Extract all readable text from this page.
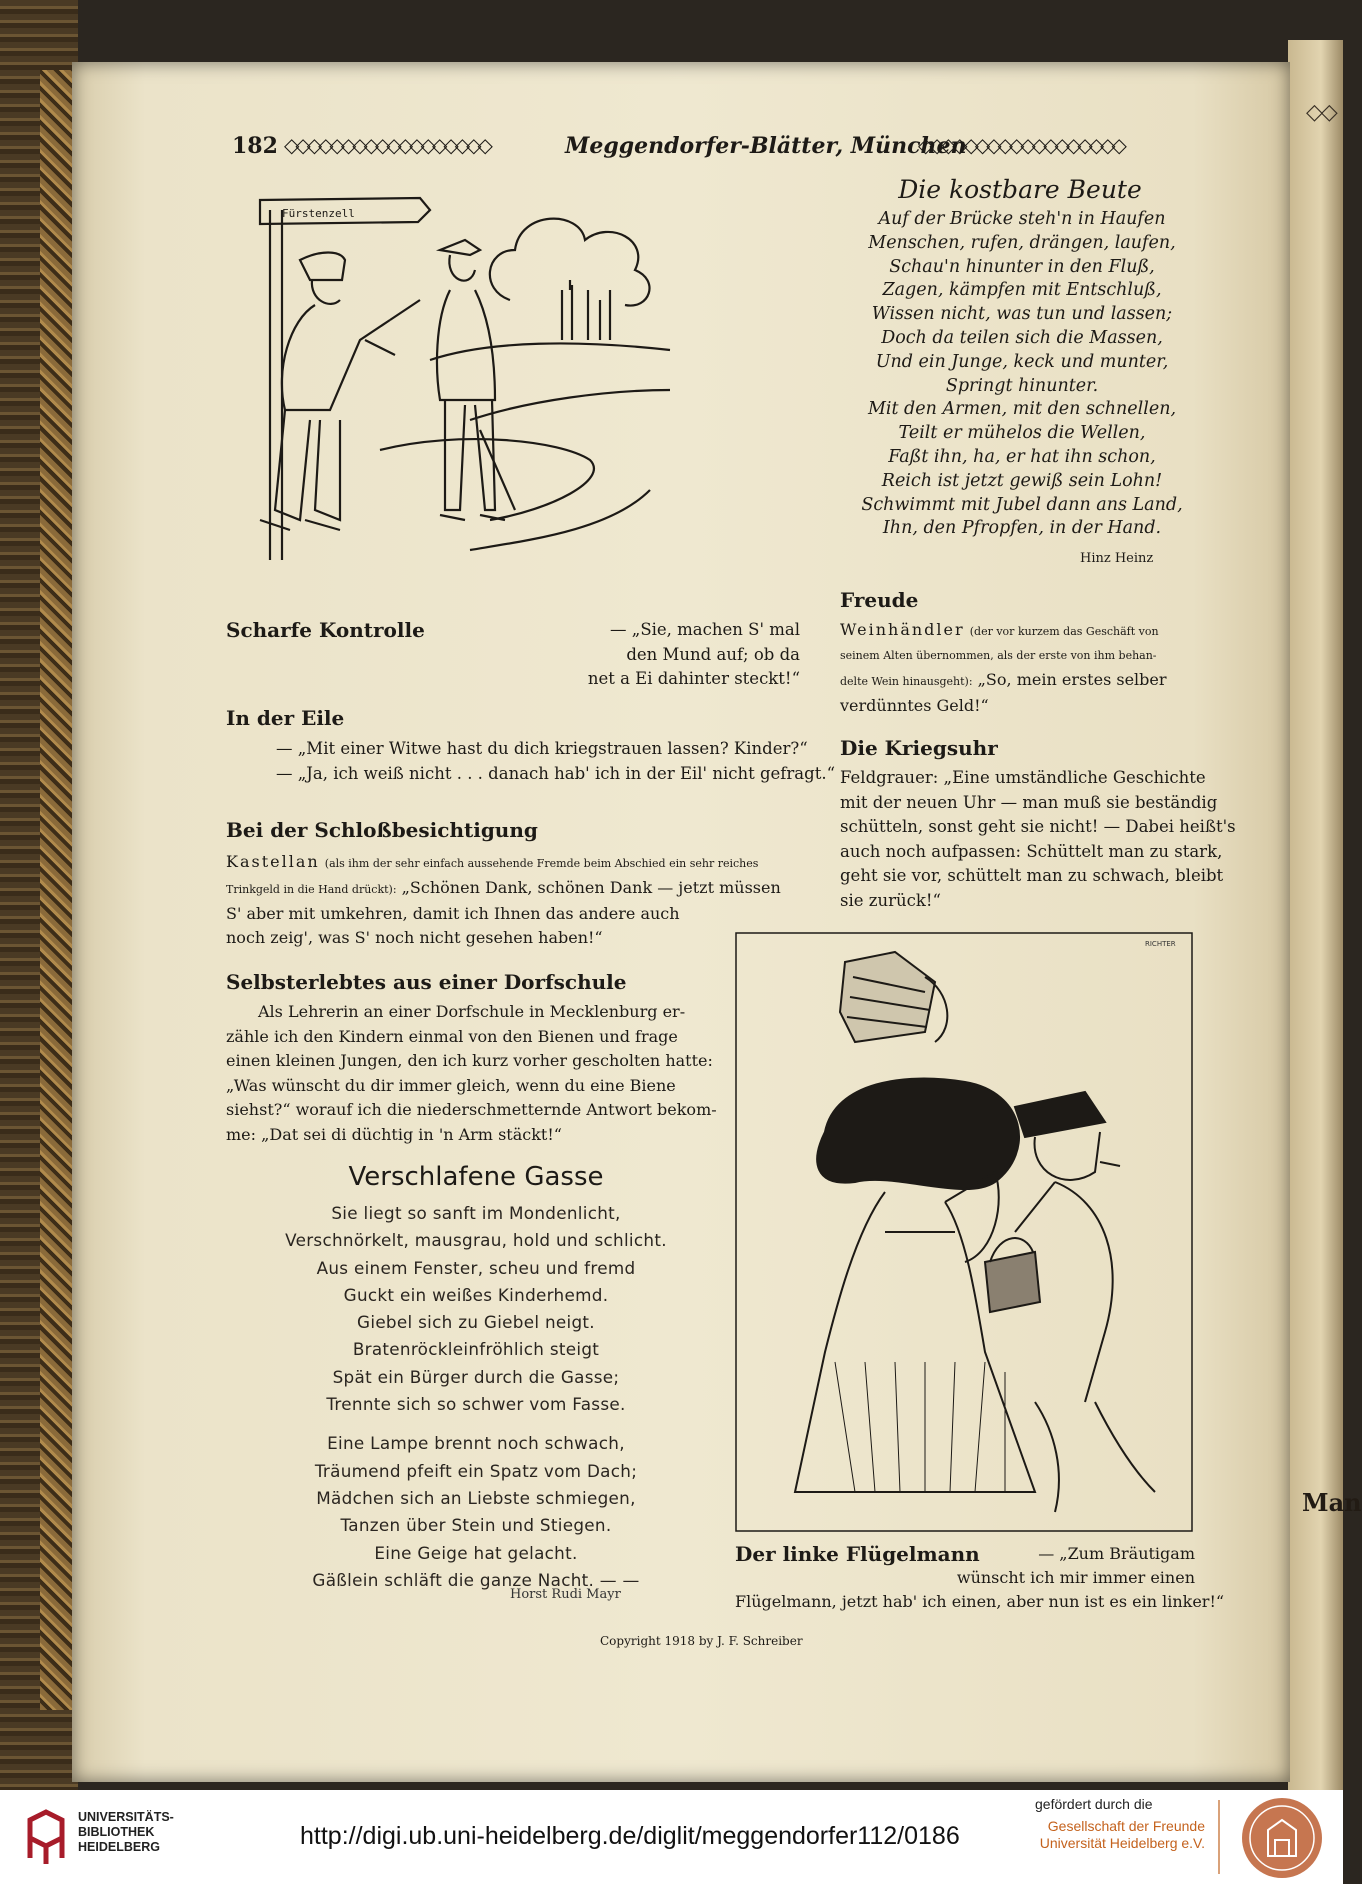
◇◇
Man
182 ◇◇◇◇◇◇◇◇◇◇◇◇◇◇◇◇◇◇	Meggendorfer-Blätter, München
◇◇◇◇◇◇◇◇◇◇◇◇◇◇◇◇◇◇
Fürstenzell
Die kostbare Beute
Auf der Brücke steh'n in Haufen
Menschen, rufen, drängen, laufen,
Schau'n hinunter in den Fluß,
Zagen, kämpfen mit Entschluß,
Wissen nicht, was tun und lassen;
Doch da teilen sich die Massen,
Und ein Junge, keck und munter,
Springt hinunter.
Mit den Armen, mit den schnellen,
Teilt er mühelos die Wellen,
Faßt ihn, ha, er hat ihn schon,
Reich ist jetzt gewiß sein Lohn!
Schwimmt mit Jubel dann ans Land,
Ihn, den Pfropfen, in der Hand.
Hinz Heinz
Scharfe Kontrolle	— „Sie, machen S' mal
den Mund auf; ob da
net a Ei dahinter steckt!“
Freude
Weinhändler (der vor kurzem das Geschäft von
seinem Alten übernommen, als der erste von ihm behan-
delte Wein hinausgeht): „So, mein erstes selber
verdünntes Geld!“
In der Eile
— „Mit einer Witwe hast du dich kriegstrauen lassen? Kinder?“
— „Ja, ich weiß nicht . . . danach hab' ich in der Eil' nicht gefragt.“
Die Kriegsuhr
Feldgrauer: „Eine umständliche Geschichte
mit der neuen Uhr — man muß sie beständig
schütteln, sonst geht sie nicht! — Dabei heißt's
auch noch aufpassen: Schüttelt man zu stark,
geht sie vor, schüttelt man zu schwach, bleibt
sie zurück!“
Bei der Schloßbesichtigung
Kastellan (als ihm der sehr einfach aussehende Fremde beim Abschied ein sehr reiches
Trinkgeld in die Hand drückt): „Schönen Dank, schönen Dank — jetzt müssen
S' aber mit umkehren, damit ich Ihnen das andere auch
noch zeig', was S' noch nicht gesehen haben!“
Selbsterlebtes aus einer Dorfschule
Als Lehrerin an einer Dorfschule in Mecklenburg er-
zähle ich den Kindern einmal von den Bienen und frage
einen kleinen Jungen, den ich kurz vorher gescholten hatte:
„Was wünscht du dir immer gleich, wenn du eine Biene
siehst?“ worauf ich die niederschmetternde Antwort bekom-
me: „Dat sei di düchtig in 'n Arm stäckt!“
Verschlafene Gasse
Sie liegt so sanft im Mondenlicht,
Verschnörkelt, mausgrau, hold und schlicht.
Aus einem Fenster, scheu und fremd
Guckt ein weißes Kinderhemd.
Giebel sich zu Giebel neigt.
Bratenröckleinfröhlich steigt
Spät ein Bürger durch die Gasse;
Trennte sich so schwer vom Fasse.
Eine Lampe brennt noch schwach,
Träumend pfeift ein Spatz vom Dach;
Mädchen sich an Liebste schmiegen,
Tanzen über Stein und Stiegen.
Eine Geige hat gelacht.
Gäßlein schläft die ganze Nacht. — —
Horst Rudi Mayr
RICHTER
Der linke Flügelmann	— „Zum Bräutigam
wünscht ich mir immer einen
Flügelmann, jetzt hab' ich einen, aber nun ist es ein linker!“
Copyright 1918 by J. F. Schreiber
UNIVERSITÄTS-
BIBLIOTHEK
HEIDELBERG	http://digi.ub.uni-heidelberg.de/diglit/meggendorfer112/0186
gefördert durch die
Gesellschaft der Freunde
Universität Heidelberg e.V.
